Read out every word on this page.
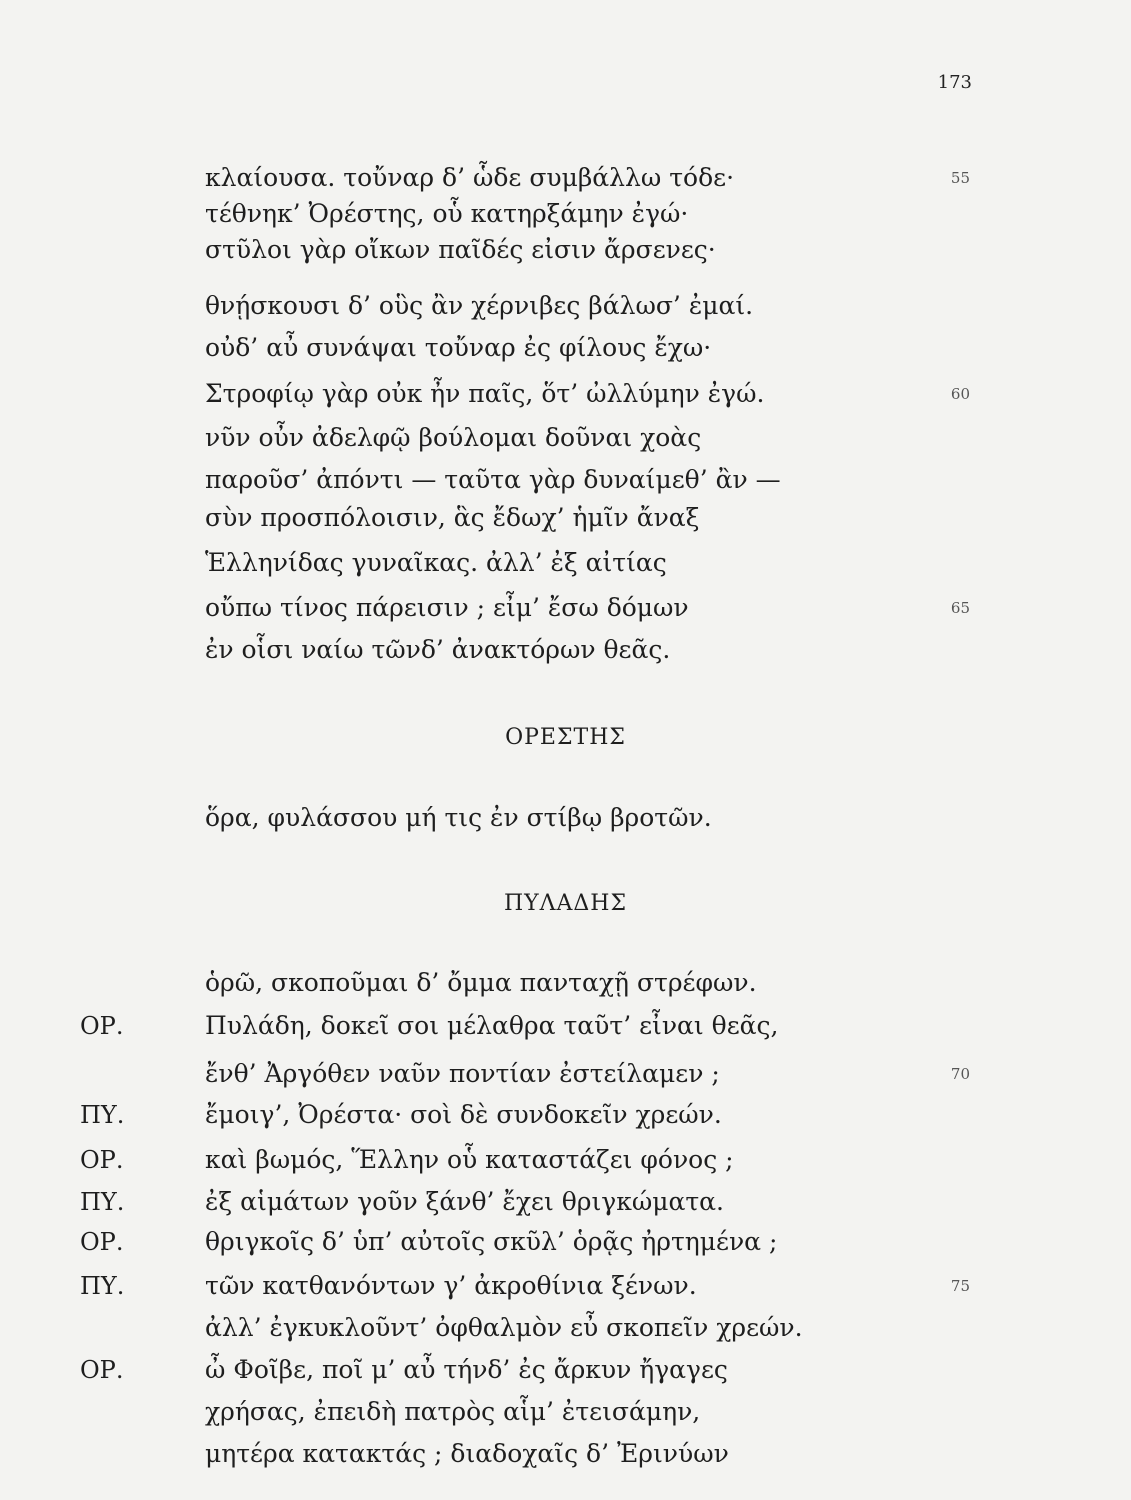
173
κλαίουσα. τοὔναρ δ’ ὧδε συμβάλλω τόδε·	55
τέθνηκ’ Ὀρέστης, οὗ κατηρξάμην ἐγώ·
στῦλοι γὰρ οἴκων παῖδές εἰσιν ἄρσενες·
θνῄσκουσι δ’ οὓς ἂν χέρνιβες βάλωσ’ ἐμαί.
οὐδ’ αὖ συνάψαι τοὔναρ ἐς φίλους ἔχω·
Στροφίῳ γὰρ οὐκ ἦν παῖς, ὅτ’ ὠλλύμην ἐγώ.	60
νῦν οὖν ἀδελφῷ βούλομαι δοῦναι χοὰς
παροῦσ’ ἀπόντι — ταῦτα γὰρ δυναίμεθ’ ἂν —
σὺν προσπόλοισιν, ἃς ἔδωχ’ ἡμῖν ἄναξ
Ἑλληνίδας γυναῖκας. ἀλλ’ ἐξ αἰτίας
οὔπω τίνος πάρεισιν ; εἶμ’ ἔσω δόμων	65
ἐν οἷσι ναίω τῶνδ’ ἀνακτόρων θεᾶς.
ΟΡΕΣΤΗΣ
ὅρα, φυλάσσου μή τις ἐν στίβῳ βροτῶν.
ΠΥΛΑΔΗΣ
ὁρῶ, σκοποῦμαι δ’ ὄμμα πανταχῇ στρέφων.
ΟΡ.	Πυλάδη, δοκεῖ σοι μέλαθρα ταῦτ’ εἶναι θεᾶς,
ἔνθ’ Ἀργόθεν ναῦν ποντίαν ἐστείλαμεν ;	70
ΠΥ.	ἔμοιγ’, Ὀρέστα· σοὶ δὲ συνδοκεῖν χρεών.
ΟΡ.	καὶ βωμός, Ἕλλην οὗ καταστάζει φόνος ;
ΠΥ.	ἐξ αἱμάτων γοῦν ξάνθ’ ἔχει θριγκώματα.
ΟΡ.	θριγκοῖς δ’ ὑπ’ αὐτοῖς σκῦλ’ ὁρᾷς ἠρτημένα ;
ΠΥ.	τῶν κατθανόντων γ’ ἀκροθίνια ξένων.	75
ἀλλ’ ἐγκυκλοῦντ’ ὀφθαλμὸν εὖ σκοπεῖν χρεών.
ΟΡ.	ὦ Φοῖβε, ποῖ μ’ αὖ τήνδ’ ἐς ἄρκυν ἤγαγες
χρήσας, ἐπειδὴ πατρὸς αἷμ’ ἐτεισάμην,
μητέρα κατακτάς ; διαδοχαῖς δ’ Ἐρινύων
